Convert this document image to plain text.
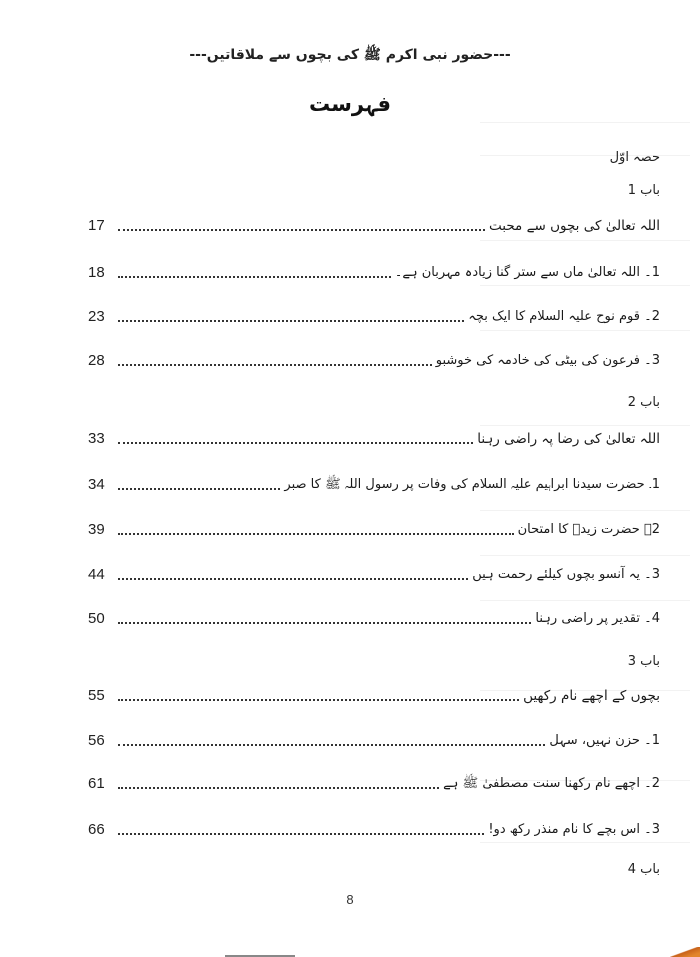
---حضور نبی اکرم ﷺ کی بچوں سے ملاقاتیں---
فہرست
حصہ اوّل
باب 1
17	اللہ تعالیٰ کی بچوں سے محبت
18	1۔ اللہ تعالیٰ ماں سے ستر گنا زیادہ مہربان ہے۔
23	2۔ قوم نوح علیہ السلام کا ایک بچہ
28	3۔ فرعون کی بیٹی کی خادمہ کی خوشبو
باب 2
33	اللہ تعالیٰ کی رضا پہ راضی رہنا
34	1۔ حضرت سیدنا ابراہیم علیہ السلام کی وفات پر رسول اللہ ﷺ کا صبر
39	2۔ حضرت زیدؓ کا امتحان
44	3۔ یہ آنسو بچوں کیلئے رحمت ہیں
50	4۔ تقدیر پر راضی رہنا
باب 3
55	بچوں کے اچھے نام رکھیں
56	1۔ حزن نہیں، سہل
61	2۔ اچھے نام رکھنا سنت مصطفیٰ ﷺ ہے
66	3۔ اس بچے کا نام منذر رکھ دو!
باب 4
8
